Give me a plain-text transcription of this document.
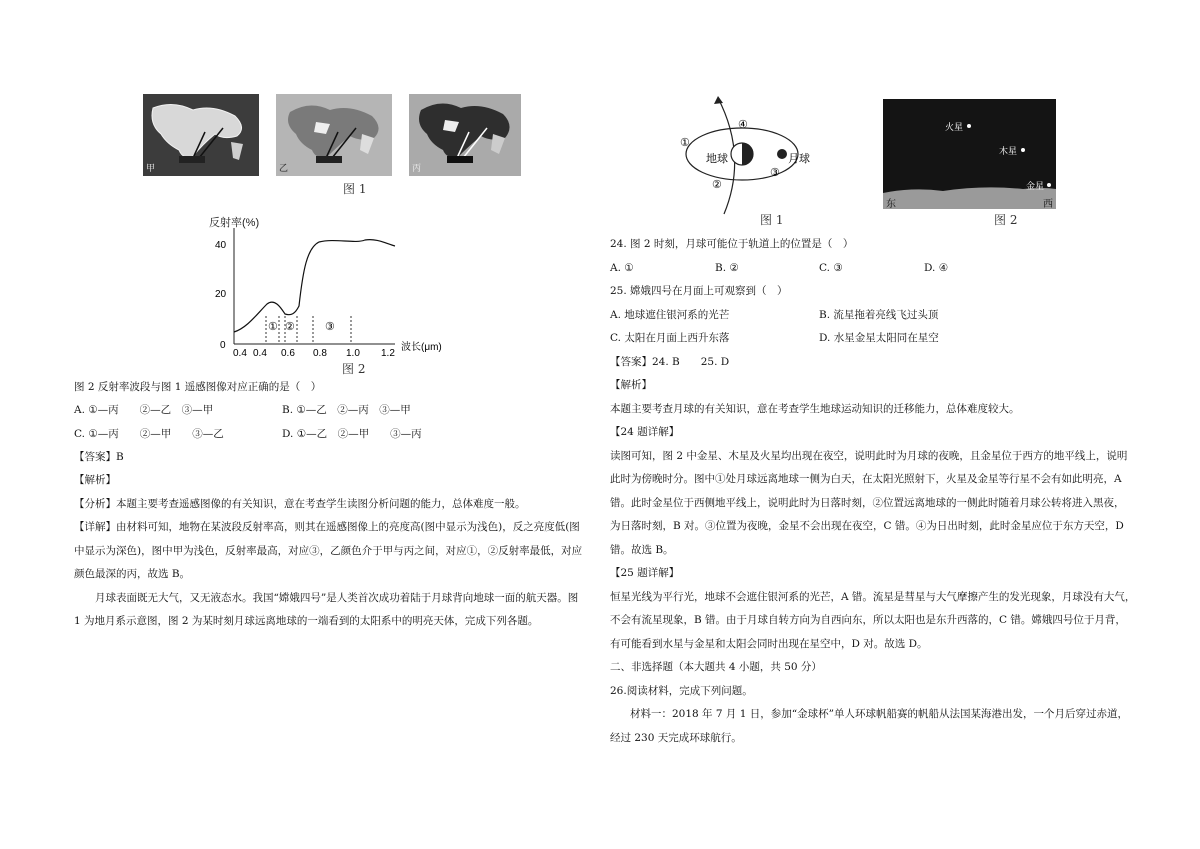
甲	乙	丙
图 1
反射率(%)
0
20
40
0.4	0.6 0.8 1.0 1.2
0.4
波长(μm)
① ②	③
图 2
图 2 反射率波段与图 1 遥感图像对应正确的是（　）
A. ①—丙　　②—乙　③—甲	B. ①—乙　②—丙　③—甲
C. ①—丙　　②—甲　　③—乙	D. ①—乙　②—甲　　③—丙
【答案】B
【解析】
【分析】本题主要考查遥感图像的有关知识，意在考查学生读图分析问题的能力，总体难度一般。
【详解】由材料可知，地物在某波段反射率高，则其在遥感图像上的亮度高(图中显示为浅色)，反之亮度低(图
中显示为深色)，图中甲为浅色，反射率最高，对应③，乙颜色介于甲与丙之间，对应①，②反射率最低，对应
颜色最深的丙，故选 B。
月球表面既无大气，又无液态水。我国“嫦娥四号”是人类首次成功着陆于月球背向地球一面的航天器。图
1 为地月系示意图，图 2 为某时刻月球远离地球的一端看到的太阳系中的明亮天体，完成下列各题。
地球	月球
①
②
③
④
图 1
火星
木星
金星
东	西
图 2
24. 图 2 时刻，月球可能位于轨道上的位置是（　）
A. ①	B. ②	C. ③	D. ④
25. 嫦娥四号在月面上可观察到（　）
A. 地球遮住银河系的光芒	B. 流星拖着亮线飞过头顶
C. 太阳在月面上西升东落	D. 水星金星太阳同在星空
【答案】24. B　　25. D
【解析】
本题主要考查月球的有关知识，意在考查学生地球运动知识的迁移能力，总体难度较大。
【24 题详解】
读图可知，图 2 中金星、木星及火星均出现在夜空，说明此时为月球的夜晚，且金星位于西方的地平线上，说明
此时为傍晚时分。图中①处月球远离地球一侧为白天，在太阳光照射下，火星及金星等行星不会有如此明亮，A
错。此时金星位于西侧地平线上，说明此时为日落时刻，②位置远离地球的一侧此时随着月球公转将进入黑夜，
为日落时刻，B 对。③位置为夜晚，金星不会出现在夜空，C 错。④为日出时刻，此时金星应位于东方天空，D
错。故选 B。
【25 题详解】
恒星光线为平行光，地球不会遮住银河系的光芒，A 错。流星是彗星与大气摩擦产生的发光现象，月球没有大气，
不会有流星现象，B 错。由于月球自转方向为自西向东，所以太阳也是东升西落的，C 错。嫦娥四号位于月背，
有可能看到水星与金星和太阳会同时出现在星空中，D 对。故选 D。
二、非选择题（本大题共 4 小题，共 50 分）
26.阅读材料，完成下列问题。
材料一：2018 年 7 月 1 日，参加“金球杯”单人环球帆船赛的帆船从法国某海港出发，一个月后穿过赤道，
经过 230 天完成环球航行。
